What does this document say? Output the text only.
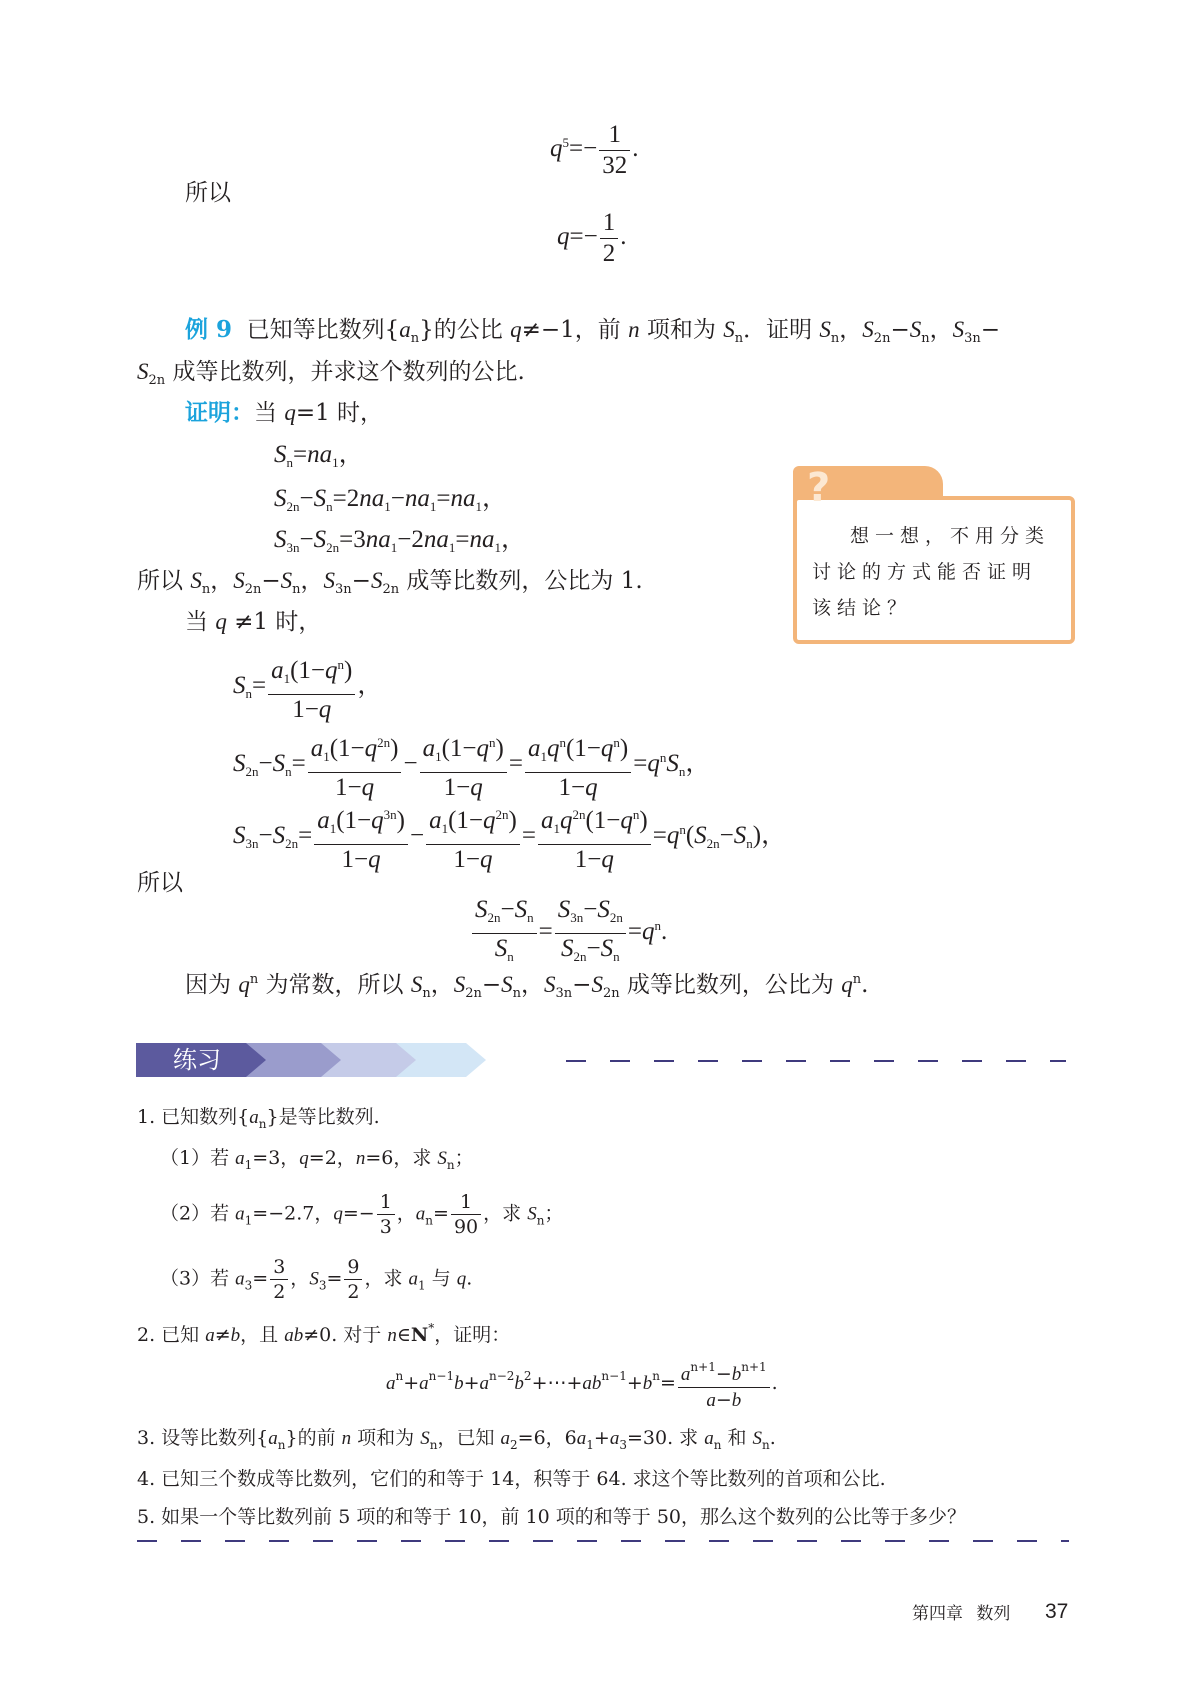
$q^5=- \frac{1}{32}$ .
所以
$q=- \frac{1}{2}$ .
例 9  已知等比数列$\{a_n\}$的公比 q≠−1，前 n 项和为 $S_n$．证明 $S_n$，$S_{2n}-S_n$，$S_{3n}-$
$S_{2n}$ 成等比数列，并求这个数列的公比.
证明：当 q=1 时，
$S_n=na_1$，
$S_{2n}-S_n=2na_1-na_1=na_1$，
$S_{3n}-S_{2n}=3na_1-2na_1=na_1$，
所以 $S_n$，$S_{2n}-S_n$，$S_{3n}-S_{2n}$ 成等比数列，公比为 1.
当 q ≠1 时，
$S_n= \frac{a_1(1-q^n)}{1-q}$ ，
$S_{2n}-S_n= \frac{a_1(1-q^{2n})}{1-q} - \frac{a_1(1-q^n)}{1-q} = \frac{a_1q^n(1-q^n)}{1-q} =q^nS_n$，
$S_{3n}-S_{2n}= \frac{a_1(1-q^{3n})}{1-q} - \frac{a_1(1-q^{2n})}{1-q} = \frac{a_1q^{2n}(1-q^n)}{1-q} =q^n(S_{2n}-S_n)$，
所以
$\frac{S_{2n}-S_n}{S_n} = \frac{S_{3n}-S_{2n}}{S_{2n}-S_n} =q^n$.
因为 $q^n$ 为常数，所以 $S_n$，$S_{2n}-S_n$，$S_{3n}-S_{2n}$ 成等比数列，公比为 $q^n$.
?
想一想，不用分类讨论的方式能否证明该结论？
练习
1. 已知数列$\{a_n\}$是等比数列.
（1）若 $a_1=3$，q=2，n=6，求 $S_n$；
（2）若 $a_1=-2.7$，$q=- \frac{1}{3}$ ，$a_n= \frac{1}{90}$ ，求 $S_n$；
（3）若 $a_3= \frac{3}{2}$ ，$S_3= \frac{9}{2}$ ，求 $a_1$ 与 q.
2. 已知 a≠b，且 ab≠0. 对于 n∈N*，证明：
$a^n+a^{n-1}b+a^{n-2}b^2+\cdots+ab^{n-1}+b^n= \frac{a^{n+1}-b^{n+1}}{a-b}$ .
3. 设等比数列$\{a_n\}$的前 n 项和为 $S_n$，已知 $a_2=6$，$6a_1+a_3=30$. 求 $a_n$ 和 $S_n$.
4. 已知三个数成等比数列，它们的和等于 14，积等于 64. 求这个等比数列的首项和公比.
5. 如果一个等比数列前 5 项的和等于 10，前 10 项的和等于 50，那么这个数列的公比等于多少？
第四章 数列 37
